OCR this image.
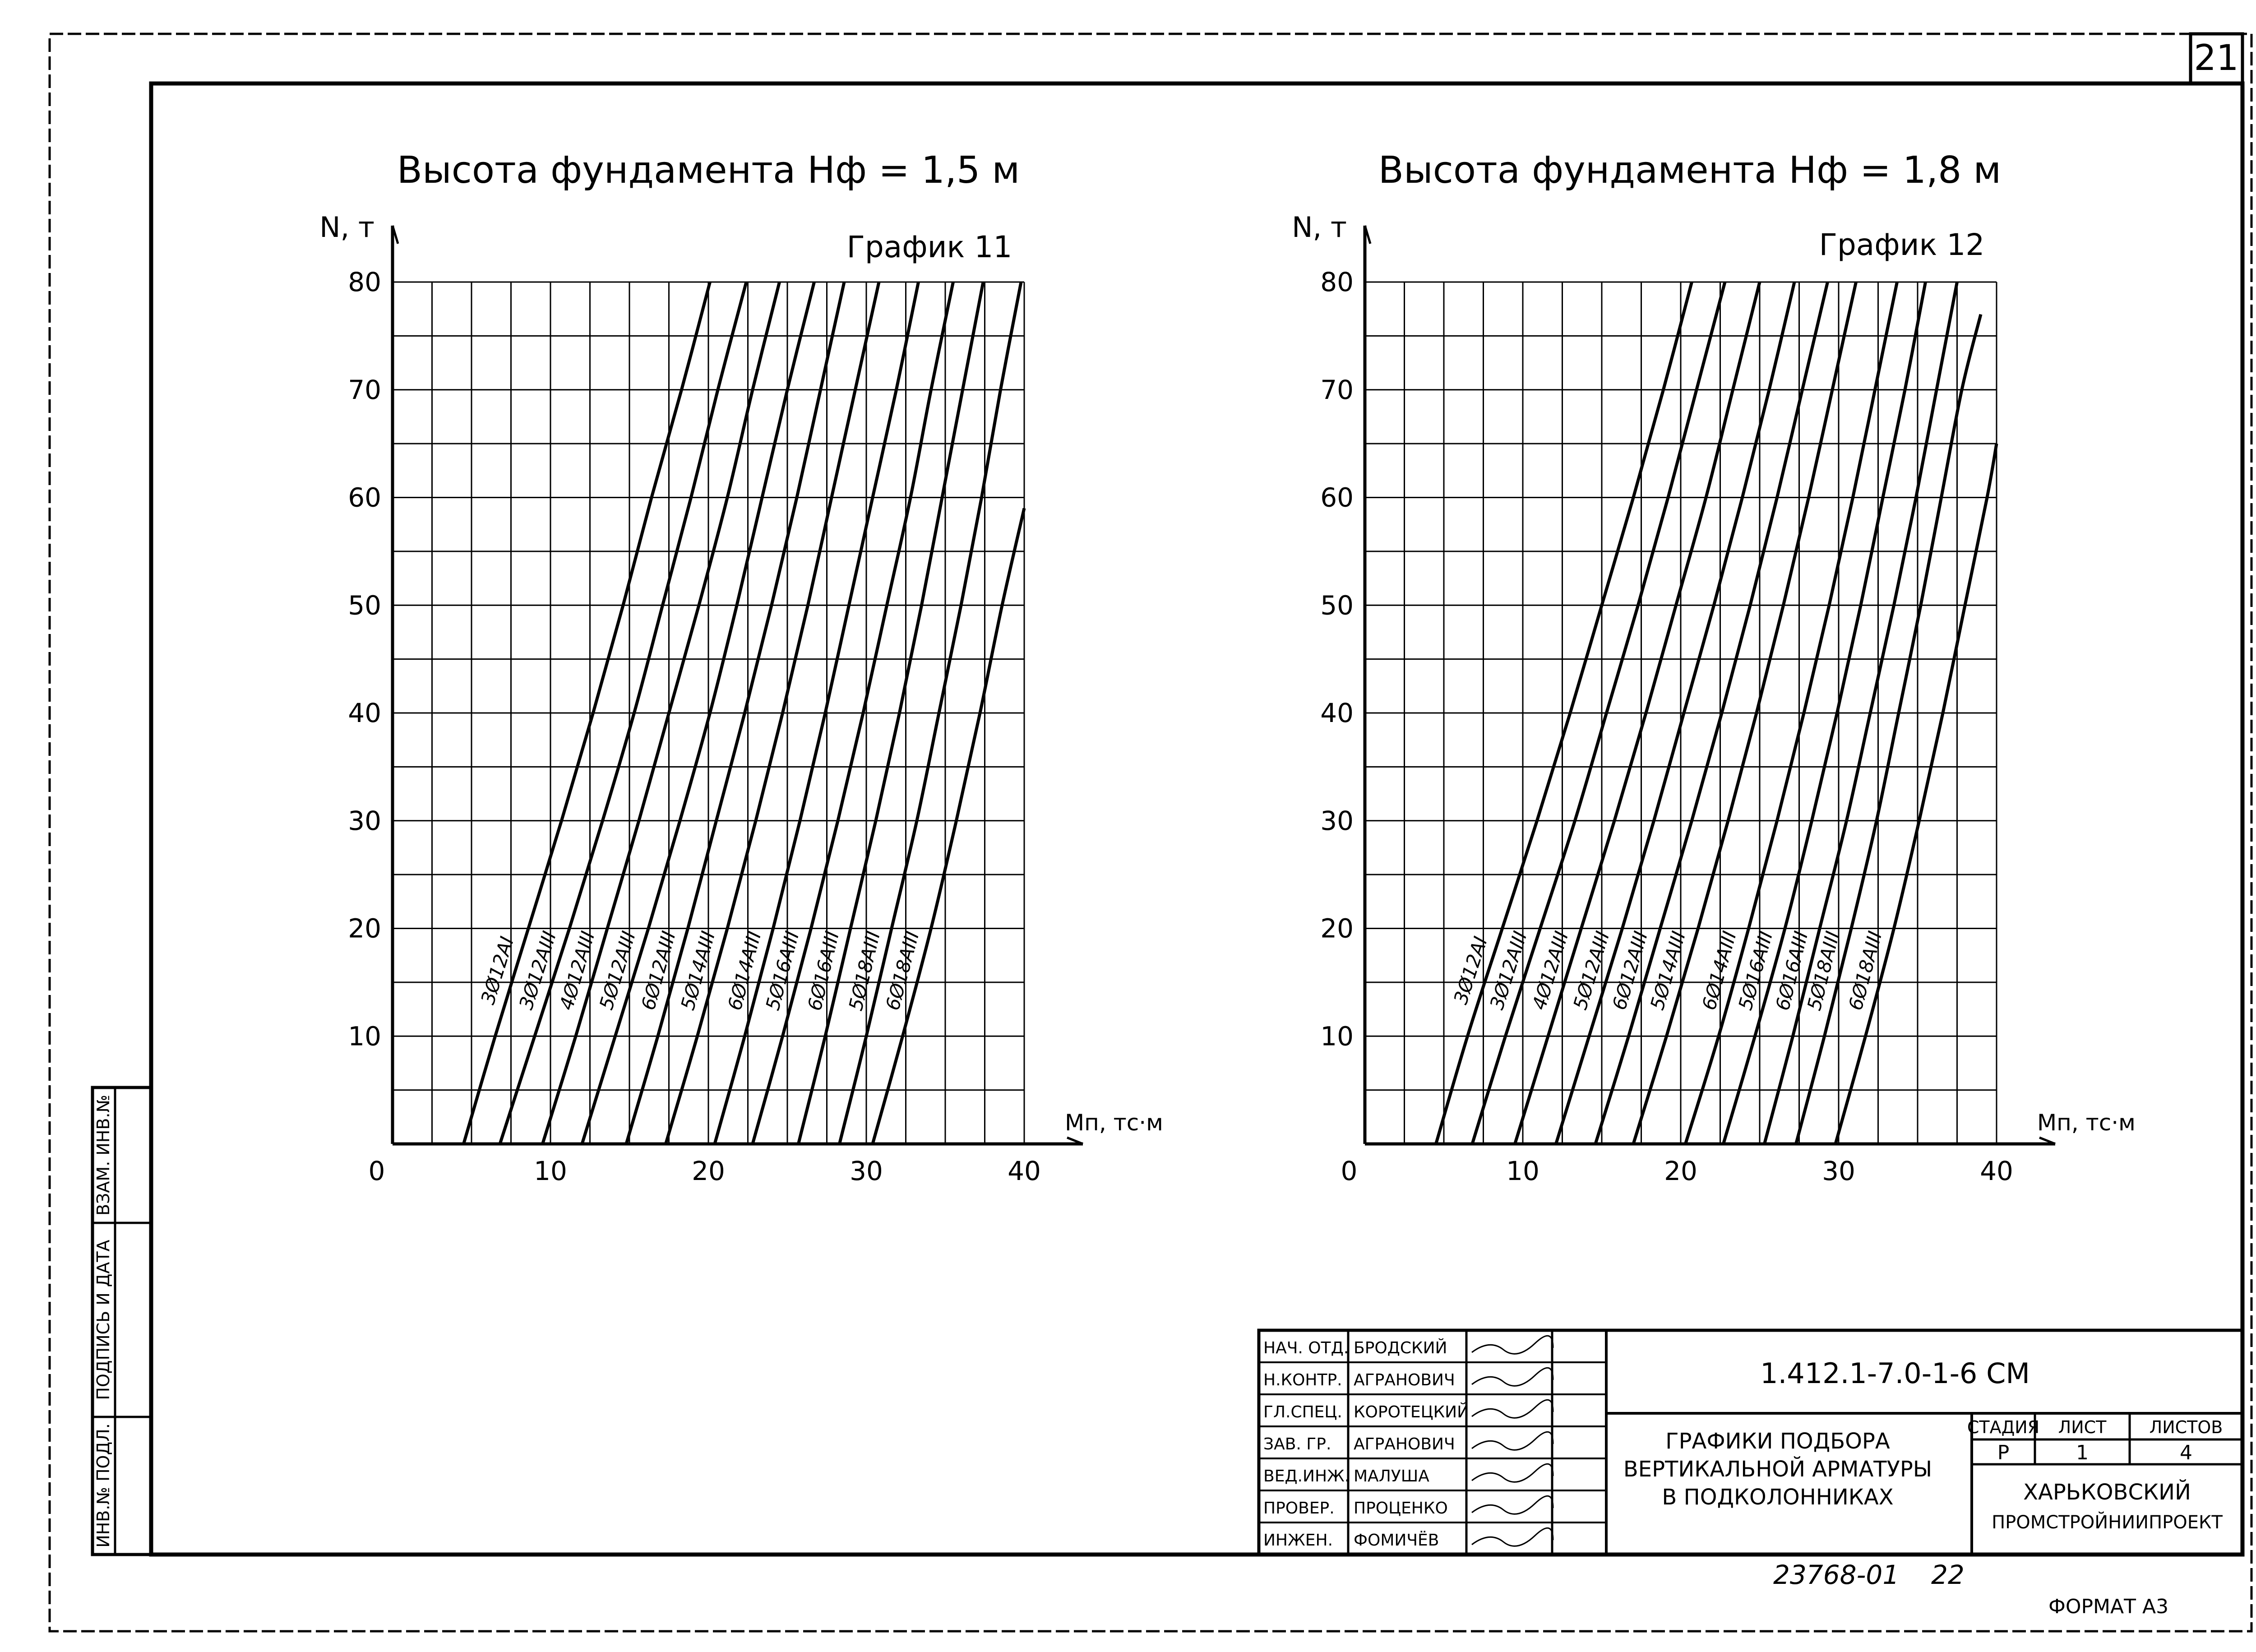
21
ИНВ.№ ПОДЛ.
ПОДПИСЬ И ДАТА
ВЗАМ. ИНВ.№
Высота фундамента Hф = 1,5 м
График 11
N, т
Mп, тс·м
0	10	20	30	40
10
20
30
40
50
60
70
80
3Ø12АI
3Ø12АIII
4Ø12АIII
5Ø12АIII
6Ø12АIII
5Ø14АIII 6Ø14АIII
5Ø16АIII 6Ø16АIII 5Ø18АIII
6Ø18АIII
Высота фундамента Hф = 1,8 м
График 12
N, т
Mп, тс·м
0	10	20	30	40
10
20
30
40
50
60
70
80
3Ø12АI
3Ø12АIII
4Ø12АIII
5Ø12АIII
6Ø12АIII
5Ø14АIII 6Ø14АIII
5Ø16АIII
6Ø16АIII
5Ø18АIII 6Ø18АIII
НАЧ. ОТД. БРОДСКИЙ
Н.КОНТР. АГРАНОВИЧ
ГЛ.СПЕЦ. КОРОТЕЦКИЙ
ЗАВ. ГР. АГРАНОВИЧ
ВЕД.ИНЖ. МАЛУША
ПРОВЕР. ПРОЦЕНКО
ИНЖЕН. ФОМИЧЁВ
1.412.1-7.0-1-6 СМ
ГРАФИКИ ПОДБОРА
ВЕРТИКАЛЬНОЙ АРМАТУРЫ
В ПОДКОЛОННИКАХ
СТАДИЯ ЛИСТ	ЛИСТОВ
Р	1	4
ХАРЬКОВСКИЙ
ПРОМСТРОЙНИИПРОЕКТ
23768-01 22
ФОРМАТ А3
